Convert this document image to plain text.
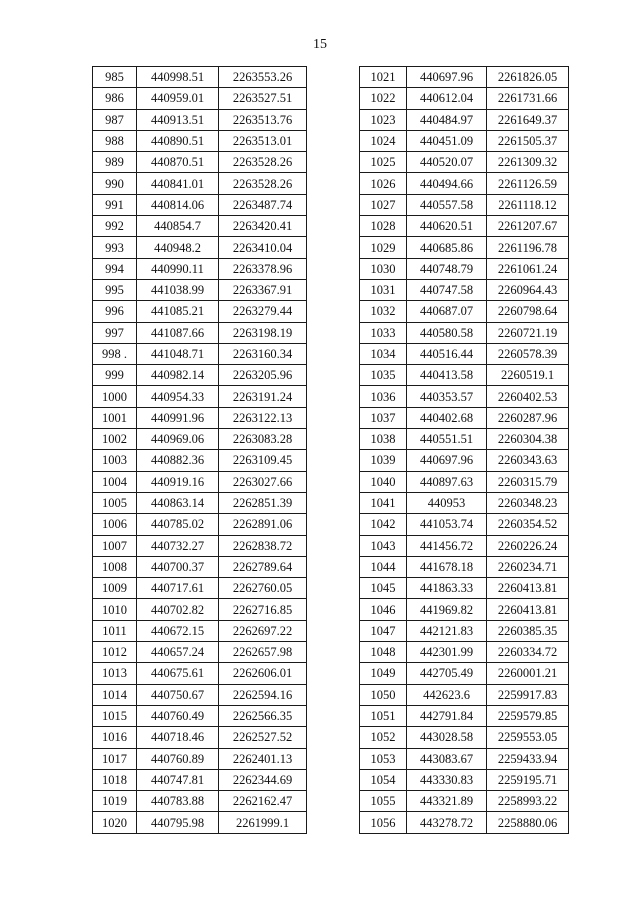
15
985	440998.51	2263553.26
986	440959.01	2263527.51
987	440913.51	2263513.76
988	440890.51	2263513.01
989	440870.51	2263528.26
990	440841.01	2263528.26
991	440814.06	2263487.74
992	440854.7	2263420.41
993	440948.2	2263410.04
994	440990.11	2263378.96
995	441038.99	2263367.91
996	441085.21	2263279.44
997	441087.66	2263198.19
998 .	441048.71	2263160.34
999	440982.14	2263205.96
1000	440954.33	2263191.24
1001	440991.96	2263122.13
1002	440969.06	2263083.28
1003	440882.36	2263109.45
1004	440919.16	2263027.66
1005	440863.14	2262851.39
1006	440785.02	2262891.06
1007	440732.27	2262838.72
1008	440700.37	2262789.64
1009	440717.61	2262760.05
1010	440702.82	2262716.85
1011	440672.15	2262697.22
1012	440657.24	2262657.98
1013	440675.61	2262606.01
1014	440750.67	2262594.16
1015	440760.49	2262566.35
1016	440718.46	2262527.52
1017	440760.89	2262401.13
1018	440747.81	2262344.69
1019	440783.88	2262162.47
1020	440795.98	2261999.1
1021	440697.96	2261826.05
1022	440612.04	2261731.66
1023	440484.97	2261649.37
1024	440451.09	2261505.37
1025	440520.07	2261309.32
1026	440494.66	2261126.59
1027	440557.58	2261118.12
1028	440620.51	2261207.67
1029	440685.86	2261196.78
1030	440748.79	2261061.24
1031	440747.58	2260964.43
1032	440687.07	2260798.64
1033	440580.58	2260721.19
1034	440516.44	2260578.39
1035	440413.58	2260519.1
1036	440353.57	2260402.53
1037	440402.68	2260287.96
1038	440551.51	2260304.38
1039	440697.96	2260343.63
1040	440897.63	2260315.79
1041	440953	2260348.23
1042	441053.74	2260354.52
1043	441456.72	2260226.24
1044	441678.18	2260234.71
1045	441863.33	2260413.81
1046	441969.82	2260413.81
1047	442121.83	2260385.35
1048	442301.99	2260334.72
1049	442705.49	2260001.21
1050	442623.6	2259917.83
1051	442791.84	2259579.85
1052	443028.58	2259553.05
1053	443083.67	2259433.94
1054	443330.83	2259195.71
1055	443321.89	2258993.22
1056	443278.72	2258880.06
